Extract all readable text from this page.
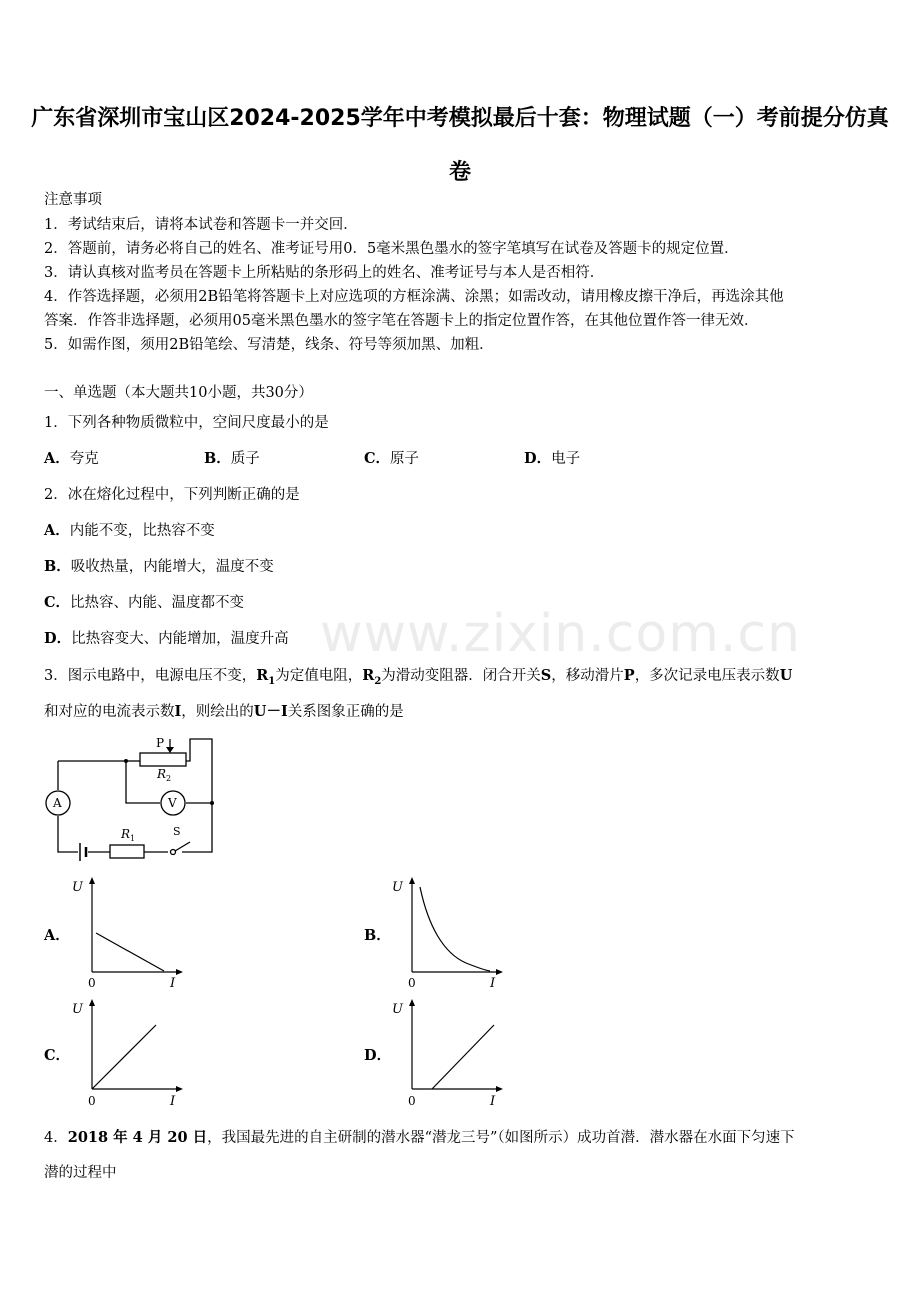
广东省深圳市宝山区2024-2025学年中考模拟最后十套：物理试题（一）考前提分仿真卷
www.zixin.com.cn
注意事项
1．考试结束后，请将本试卷和答题卡一并交回．
2．答题前，请务必将自己的姓名、准考证号用0．5毫米黑色墨水的签字笔填写在试卷及答题卡的规定位置．
3．请认真核对监考员在答题卡上所粘贴的条形码上的姓名、准考证号与本人是否相符．
4．作答选择题，必须用2B铅笔将答题卡上对应选项的方框涂满、涂黑；如需改动，请用橡皮擦干净后，再选涂其他
答案．作答非选择题，必须用05毫米黑色墨水的签字笔在答题卡上的指定位置作答，在其他位置作答一律无效．
5．如需作图，须用2B铅笔绘、写清楚，线条、符号等须加黑、加粗．
一、单选题（本大题共10小题，共30分）
1．下列各种物质微粒中，空间尺度最小的是
A．夸克	B．质子	C．原子	D．电子
2．冰在熔化过程中，下列判断正确的是
A．内能不变，比热容不变
B．吸收热量，内能增大，温度不变
C．比热容、内能、温度都不变
D．比热容变大、内能增加，温度升高
3．图示电路中，电源电压不变，$R_1$为定值电阻，$R_2$为滑动变阻器．闭合开关S，移动滑片P，多次记录电压表示数U
和对应的电流表示数I，则绘出的U－I关系图象正确的是
P
R 2
V
A
R 1
S
A．	B．
C．	D．
U
I
0
U
I
0
U
I
0
U
I
0
4．2018 年 4 月 20 日，我国最先进的自主研制的潜水器“潜龙三号”（如图所示）成功首潜．潜水器在水面下匀速下
潜的过程中
